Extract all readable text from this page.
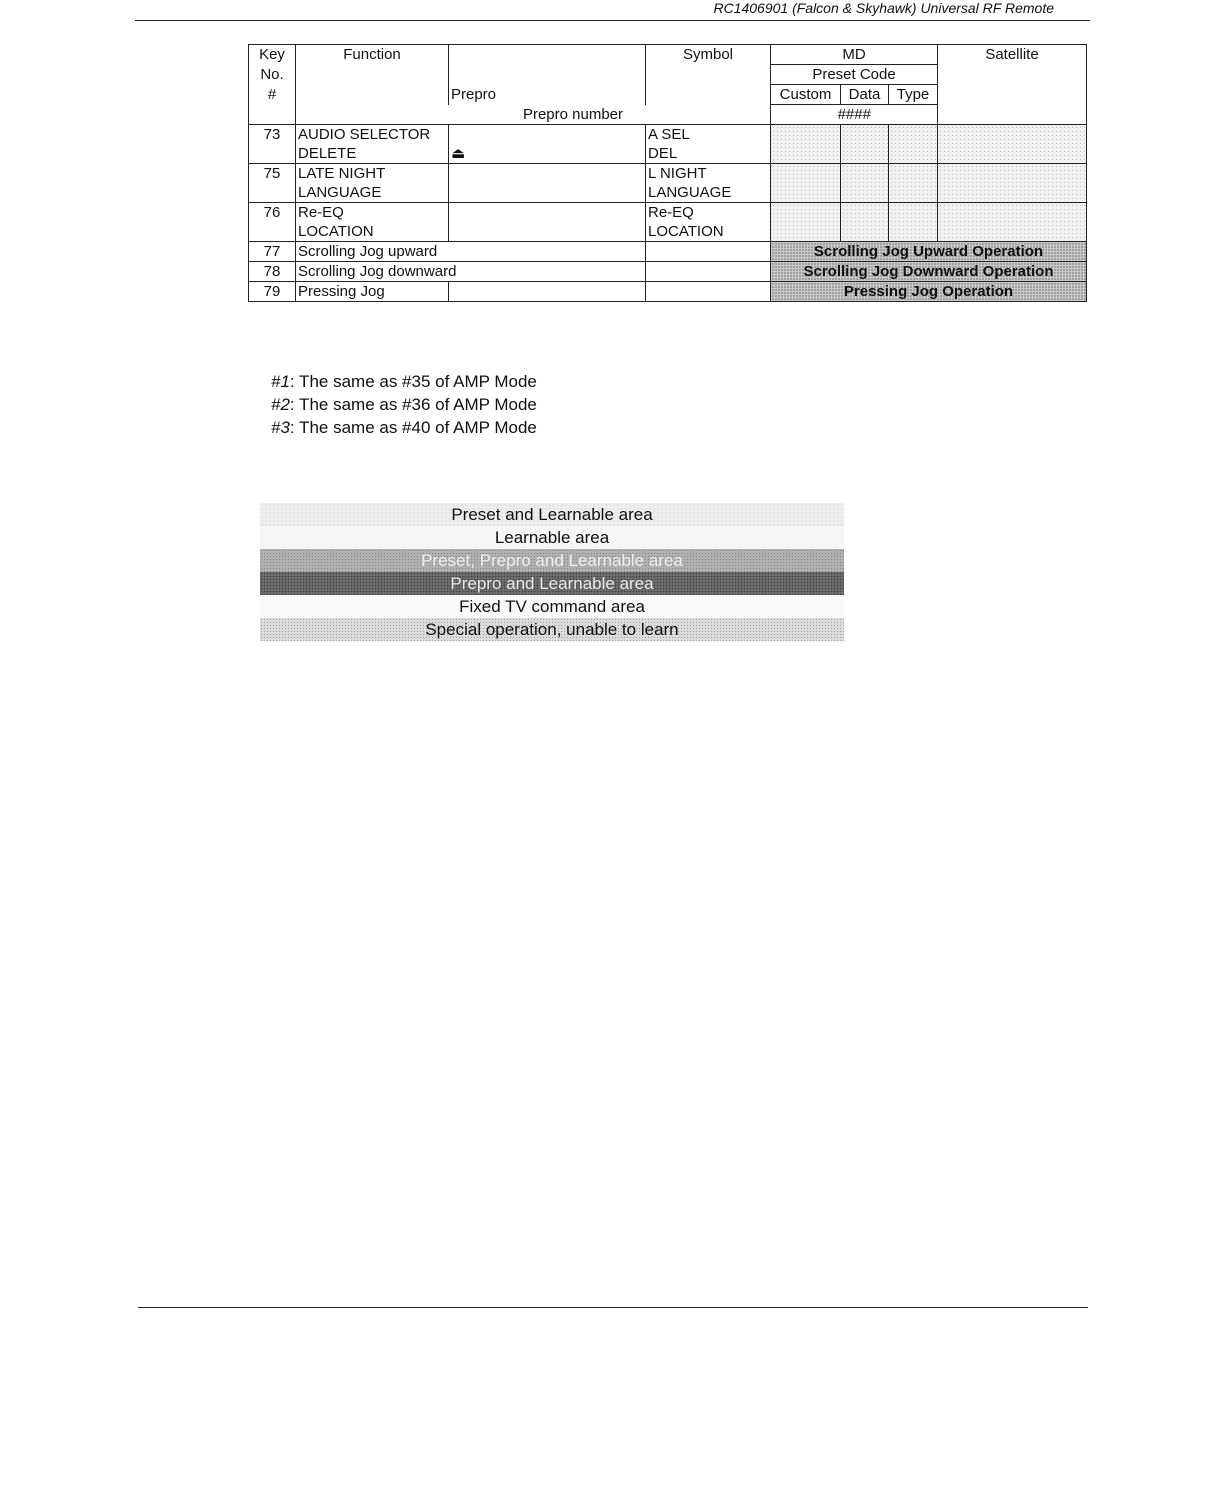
RC1406901 (Falcon & Skyhawk) Universal RF Remote
Key	Function		Symbol	MD			Satellite
No.				Preset Code			
#		Prepro		Custom	Data	Type	
	Prepro number			####			
73	AUDIO SELECTOR		A SEL				
	DELETE	⏏	DEL				
75	LATE NIGHT		L NIGHT				
	LANGUAGE		LANGUAGE				
76	Re-EQ		Re-EQ				
	LOCATION		LOCATION				
77	Scrolling Jog upward			Scrolling Jog Upward Operation			
78	Scrolling Jog downward			Scrolling Jog Downward Operation			
79	Pressing Jog			Pressing Jog Operation			
#1: The same as #35 of AMP Mode
#2: The same as #36 of AMP Mode
#3: The same as #40 of AMP Mode
Preset and Learnable area
Learnable area
Preset, Prepro and Learnable area
Prepro and Learnable area
Fixed TV command area
Special operation, unable to learn
